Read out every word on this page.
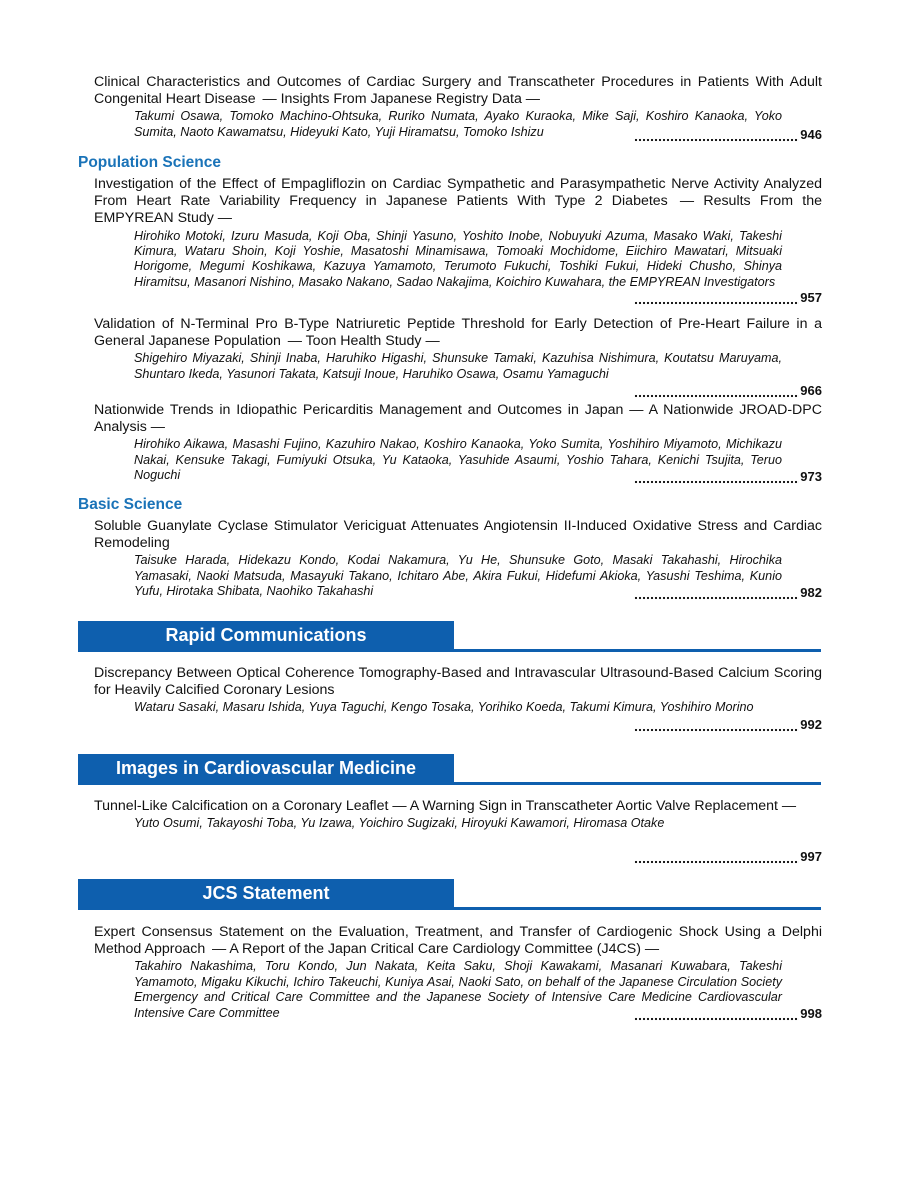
Clinical Characteristics and Outcomes of Cardiac Surgery and Transcatheter Procedures in Patients With Adult Congenital Heart Disease  — Insights From Japanese Registry Data —

Takumi Osawa, Tomoko Machino-Ohtsuka, Ruriko Numata, Ayako Kuraoka, Mike Saji, Koshiro Kanaoka, Yoko Sumita, Naoto Kawamatsu, Hideyuki Kato, Yuji Hiramatsu, Tomoko Ishizu	946

Population Science

Investigation of the Effect of Empagliflozin on Cardiac Sympathetic and Parasympathetic Nerve Activity Analyzed From Heart Rate Variability Frequency in Japanese Patients With Type 2 Diabetes  — Results From the EMPYREAN Study —

Hirohiko Motoki, Izuru Masuda, Koji Oba, Shinji Yasuno, Yoshito Inobe, Nobuyuki Azuma, Masako Waki, Takeshi Kimura, Wataru Shoin, Koji Yoshie, Masatoshi Minamisawa, Tomoaki Mochidome, Eiichiro Mawatari, Mitsuaki Horigome, Megumi Koshikawa, Kazuya Yamamoto, Terumoto Fukuchi, Toshiki Fukui, Hideki Chusho, Shinya Hiramitsu, Masanori Nishino, Masako Nakano, Sadao Nakajima, Koichiro Kuwahara, the EMPYREAN Investigators
957

Validation of N-Terminal Pro B-Type Natriuretic Peptide Threshold for Early Detection of Pre-Heart Failure in a General Japanese Population  — Toon Health Study —

Shigehiro Miyazaki, Shinji Inaba, Haruhiko Higashi, Shunsuke Tamaki, Kazuhisa Nishimura, Koutatsu Maruyama, Shuntaro Ikeda, Yasunori Takata, Katsuji Inoue, Haruhiko Osawa, Osamu Yamaguchi
966

Nationwide Trends in Idiopathic Pericarditis Management and Outcomes in Japan — A Nationwide JROAD-DPC Analysis —

Hirohiko Aikawa, Masashi Fujino, Kazuhiro Nakao, Koshiro Kanaoka, Yoko Sumita, Yoshihiro Miyamoto, Michikazu Nakai, Kensuke Takagi, Fumiyuki Otsuka, Yu Kataoka, Yasuhide Asaumi, Yoshio Tahara, Kenichi Tsujita, Teruo Noguchi	973

Basic Science

Soluble Guanylate Cyclase Stimulator Vericiguat Attenuates Angiotensin II-Induced Oxidative Stress and Cardiac Remodeling

Taisuke Harada, Hidekazu Kondo, Kodai Nakamura, Yu He, Shunsuke Goto, Masaki Takahashi, Hirochika Yamasaki, Naoki Matsuda, Masayuki Takano, Ichitaro Abe, Akira Fukui, Hidefumi Akioka, Yasushi Teshima, Kunio Yufu, Hirotaka Shibata, Naohiko Takahashi	982
Rapid Communications

Discrepancy Between Optical Coherence Tomography-Based and Intravascular Ultrasound-Based Calcium Scoring for Heavily Calcified Coronary Lesions

Wataru Sasaki, Masaru Ishida, Yuya Taguchi, Kengo Tosaka, Yorihiko Koeda, Takumi Kimura, Yoshihiro Morino
992
Images in Cardiovascular Medicine

Tunnel-Like Calcification on a Coronary Leaflet — A Warning Sign in Transcatheter Aortic Valve Replacement —

Yuto Osumi, Takayoshi Toba, Yu Izawa, Yoichiro Sugizaki, Hiroyuki Kawamori, Hiromasa Otake
997
JCS Statement

Expert Consensus Statement on the Evaluation, Treatment, and Transfer of Cardiogenic Shock Using a Delphi Method Approach  — A Report of the Japan Critical Care Cardiology Committee (J4CS) —

Takahiro Nakashima, Toru Kondo, Jun Nakata, Keita Saku, Shoji Kawakami, Masanari Kuwabara, Takeshi Yamamoto, Migaku Kikuchi, Ichiro Takeuchi, Kuniya Asai, Naoki Sato, on behalf of the Japanese Circulation Society Emergency and Critical Care Committee and the Japanese Society of Intensive Care Medicine Cardiovascular Intensive Care Committee	998
